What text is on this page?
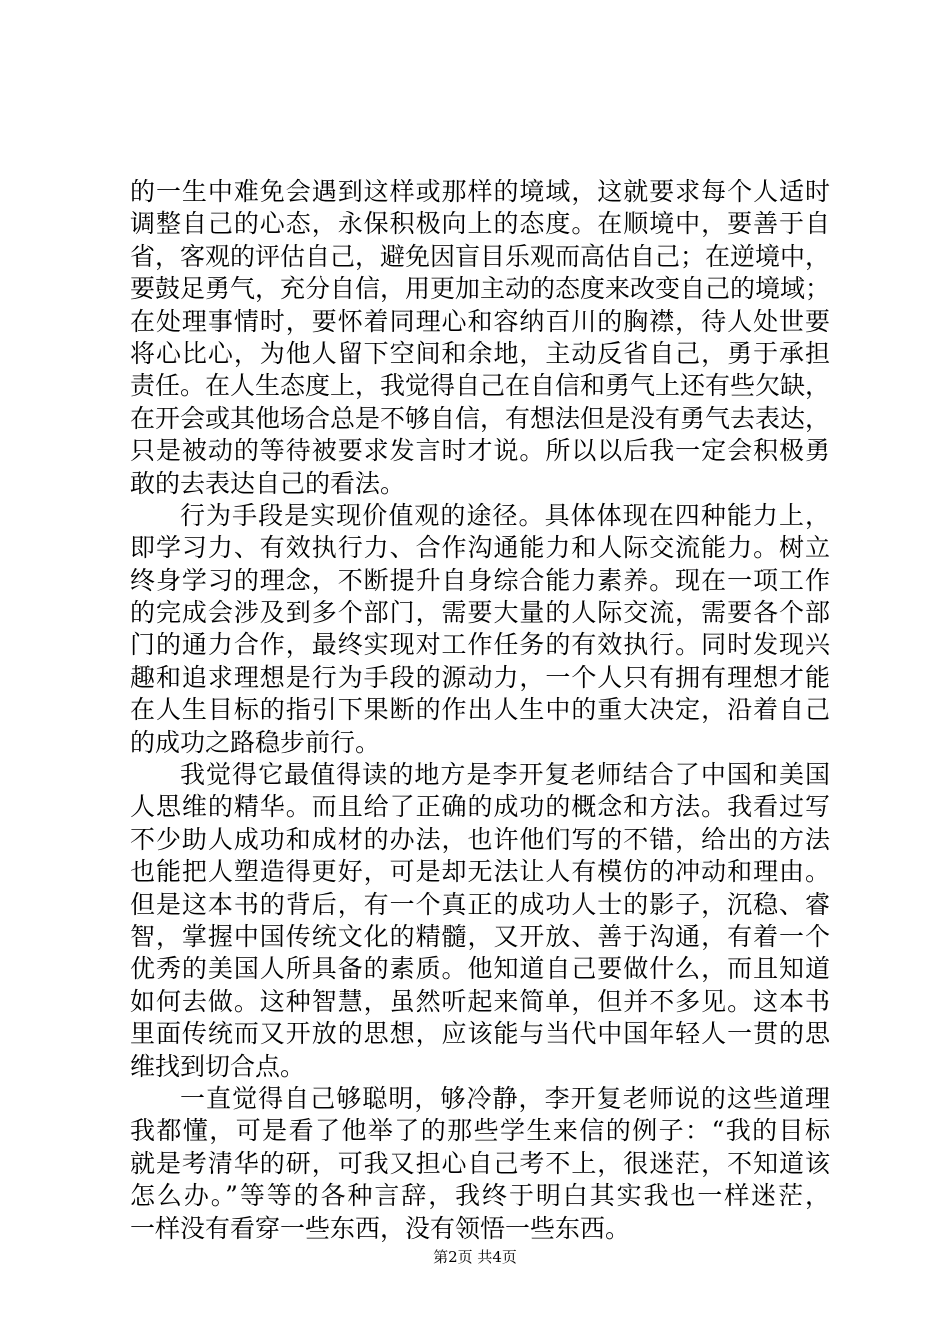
的一生中难免会遇到这样或那样的境域，这就要求每个人适时
调整自己的心态，永保积极向上的态度。在顺境中，要善于自
省，客观的评估自己，避免因盲目乐观而高估自己；在逆境中，
要鼓足勇气，充分自信，用更加主动的态度来改变自己的境域；
在处理事情时，要怀着同理心和容纳百川的胸襟，待人处世要
将心比心，为他人留下空间和余地，主动反省自己，勇于承担
责任。在人生态度上，我觉得自己在自信和勇气上还有些欠缺，
在开会或其他场合总是不够自信，有想法但是没有勇气去表达，
只是被动的等待被要求发言时才说。所以以后我一定会积极勇
敢的去表达自己的看法。
行为手段是实现价值观的途径。具体体现在四种能力上，
即学习力、有效执行力、合作沟通能力和人际交流能力。树立
终身学习的理念，不断提升自身综合能力素养。现在一项工作
的完成会涉及到多个部门，需要大量的人际交流，需要各个部
门的通力合作，最终实现对工作任务的有效执行。同时发现兴
趣和追求理想是行为手段的源动力，一个人只有拥有理想才能
在人生目标的指引下果断的作出人生中的重大决定，沿着自己
的成功之路稳步前行。
我觉得它最值得读的地方是李开复老师结合了中国和美国
人思维的精华。而且给了正确的成功的概念和方法。我看过写
不少助人成功和成材的办法，也许他们写的不错，给出的方法
也能把人塑造得更好，可是却无法让人有模仿的冲动和理由。
但是这本书的背后，有一个真正的成功人士的影子，沉稳、睿
智，掌握中国传统文化的精髓，又开放、善于沟通，有着一个
优秀的美国人所具备的素质。他知道自己要做什么，而且知道
如何去做。这种智慧，虽然听起来简单，但并不多见。这本书
里面传统而又开放的思想，应该能与当代中国年轻人一贯的思
维找到切合点。
一直觉得自己够聪明，够冷静，李开复老师说的这些道理
我都懂，可是看了他举了的那些学生来信的例子：“我的目标
就是考清华的研，可我又担心自己考不上，很迷茫，不知道该
怎么办。”等等的各种言辞，我终于明白其实我也一样迷茫，
一样没有看穿一些东西，没有领悟一些东西。
第2页 共4页
